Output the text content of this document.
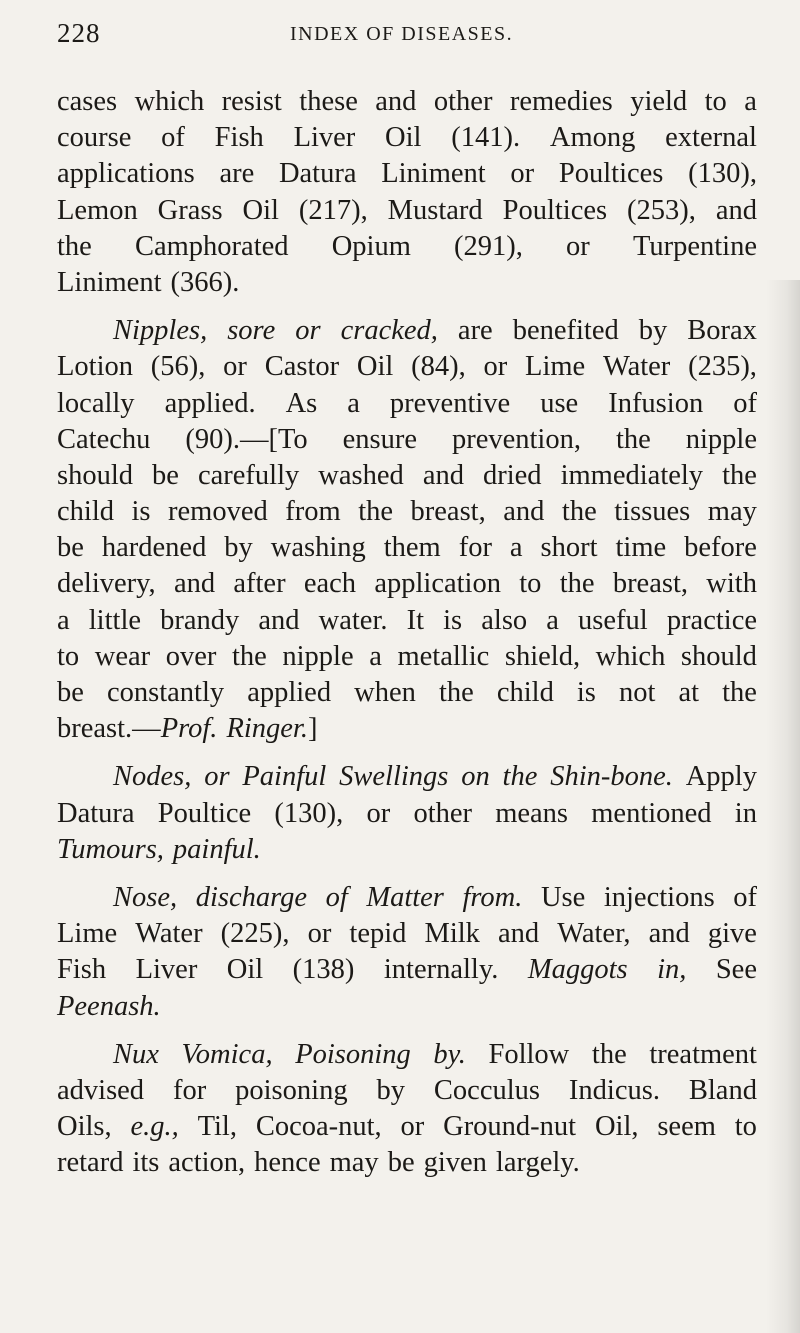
228	INDEX OF DISEASES.
cases which resist these and other remedies yield to a
course of Fish Liver Oil (141). Among external
applications are Datura Liniment or Poultices (130),
Lemon Grass Oil (217), Mustard Poultices (253), and
the Camphorated Opium (291), or Turpentine
Liniment (366).
Nipples, sore or cracked, are benefited by Borax
Lotion (56), or Castor Oil (84), or Lime Water (235),
locally applied. As a preventive use Infusion of
Catechu (90).—[To ensure prevention, the nipple
should be carefully washed and dried immediately the
child is removed from the breast, and the tissues may
be hardened by washing them for a short time before
delivery, and after each application to the breast, with
a little brandy and water. It is also a useful practice
to wear over the nipple a metallic shield, which should
be constantly applied when the child is not at the
breast.— Prof. Ringer. ]
Nodes, or Painful Swellings on the Shin-bone. Apply
Datura Poultice (130), or other means mentioned in
Tumours, painful.
Nose, discharge of Matter from. Use injections of
Lime Water (225), or tepid Milk and Water, and give
Fish Liver Oil (138) internally. Maggots in, See
Peenash.
Nux Vomica, Poisoning by. Follow the treatment
advised for poisoning by Cocculus Indicus. Bland
Oils, e.g., Til, Cocoa-nut, or Ground-nut Oil, seem to
retard its action, hence may be given largely.
